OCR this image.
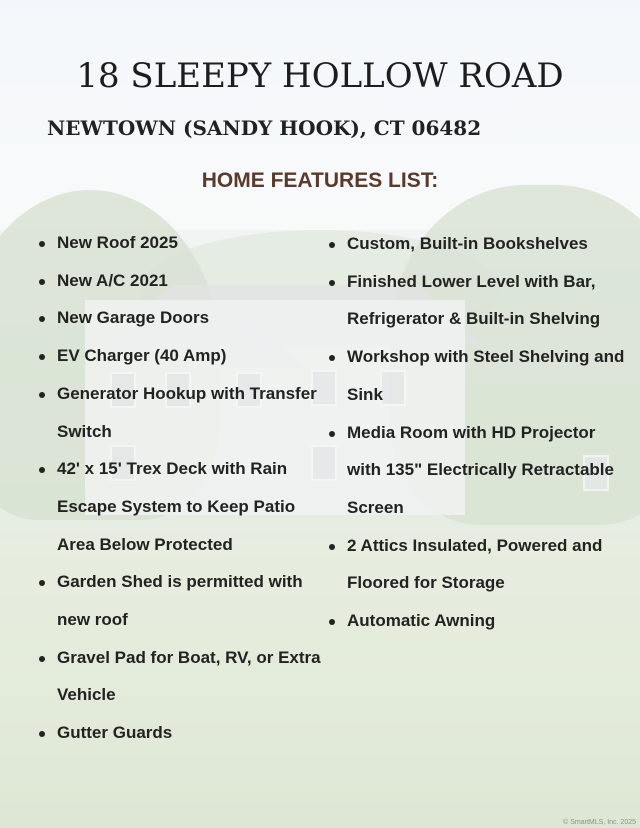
18 SLEEPY HOLLOW ROAD
NEWTOWN (SANDY HOOK), CT 06482
HOME FEATURES LIST:
New Roof 2025
New A/C 2021
New Garage Doors
EV Charger (40 Amp)
Generator Hookup with Transfer Switch
42' x 15' Trex Deck with Rain Escape System to Keep Patio Area Below Protected
Garden Shed is permitted with new roof
Gravel Pad for Boat, RV, or Extra Vehicle
Gutter Guards
Custom, Built-in Bookshelves
Finished Lower Level with Bar, Refrigerator & Built-in Shelving
Workshop with Steel Shelving and Sink
Media Room with HD Projector with 135" Electrically Retractable Screen
2 Attics Insulated, Powered and Floored for Storage
Automatic Awning
© SmartMLS, Inc. 2025
